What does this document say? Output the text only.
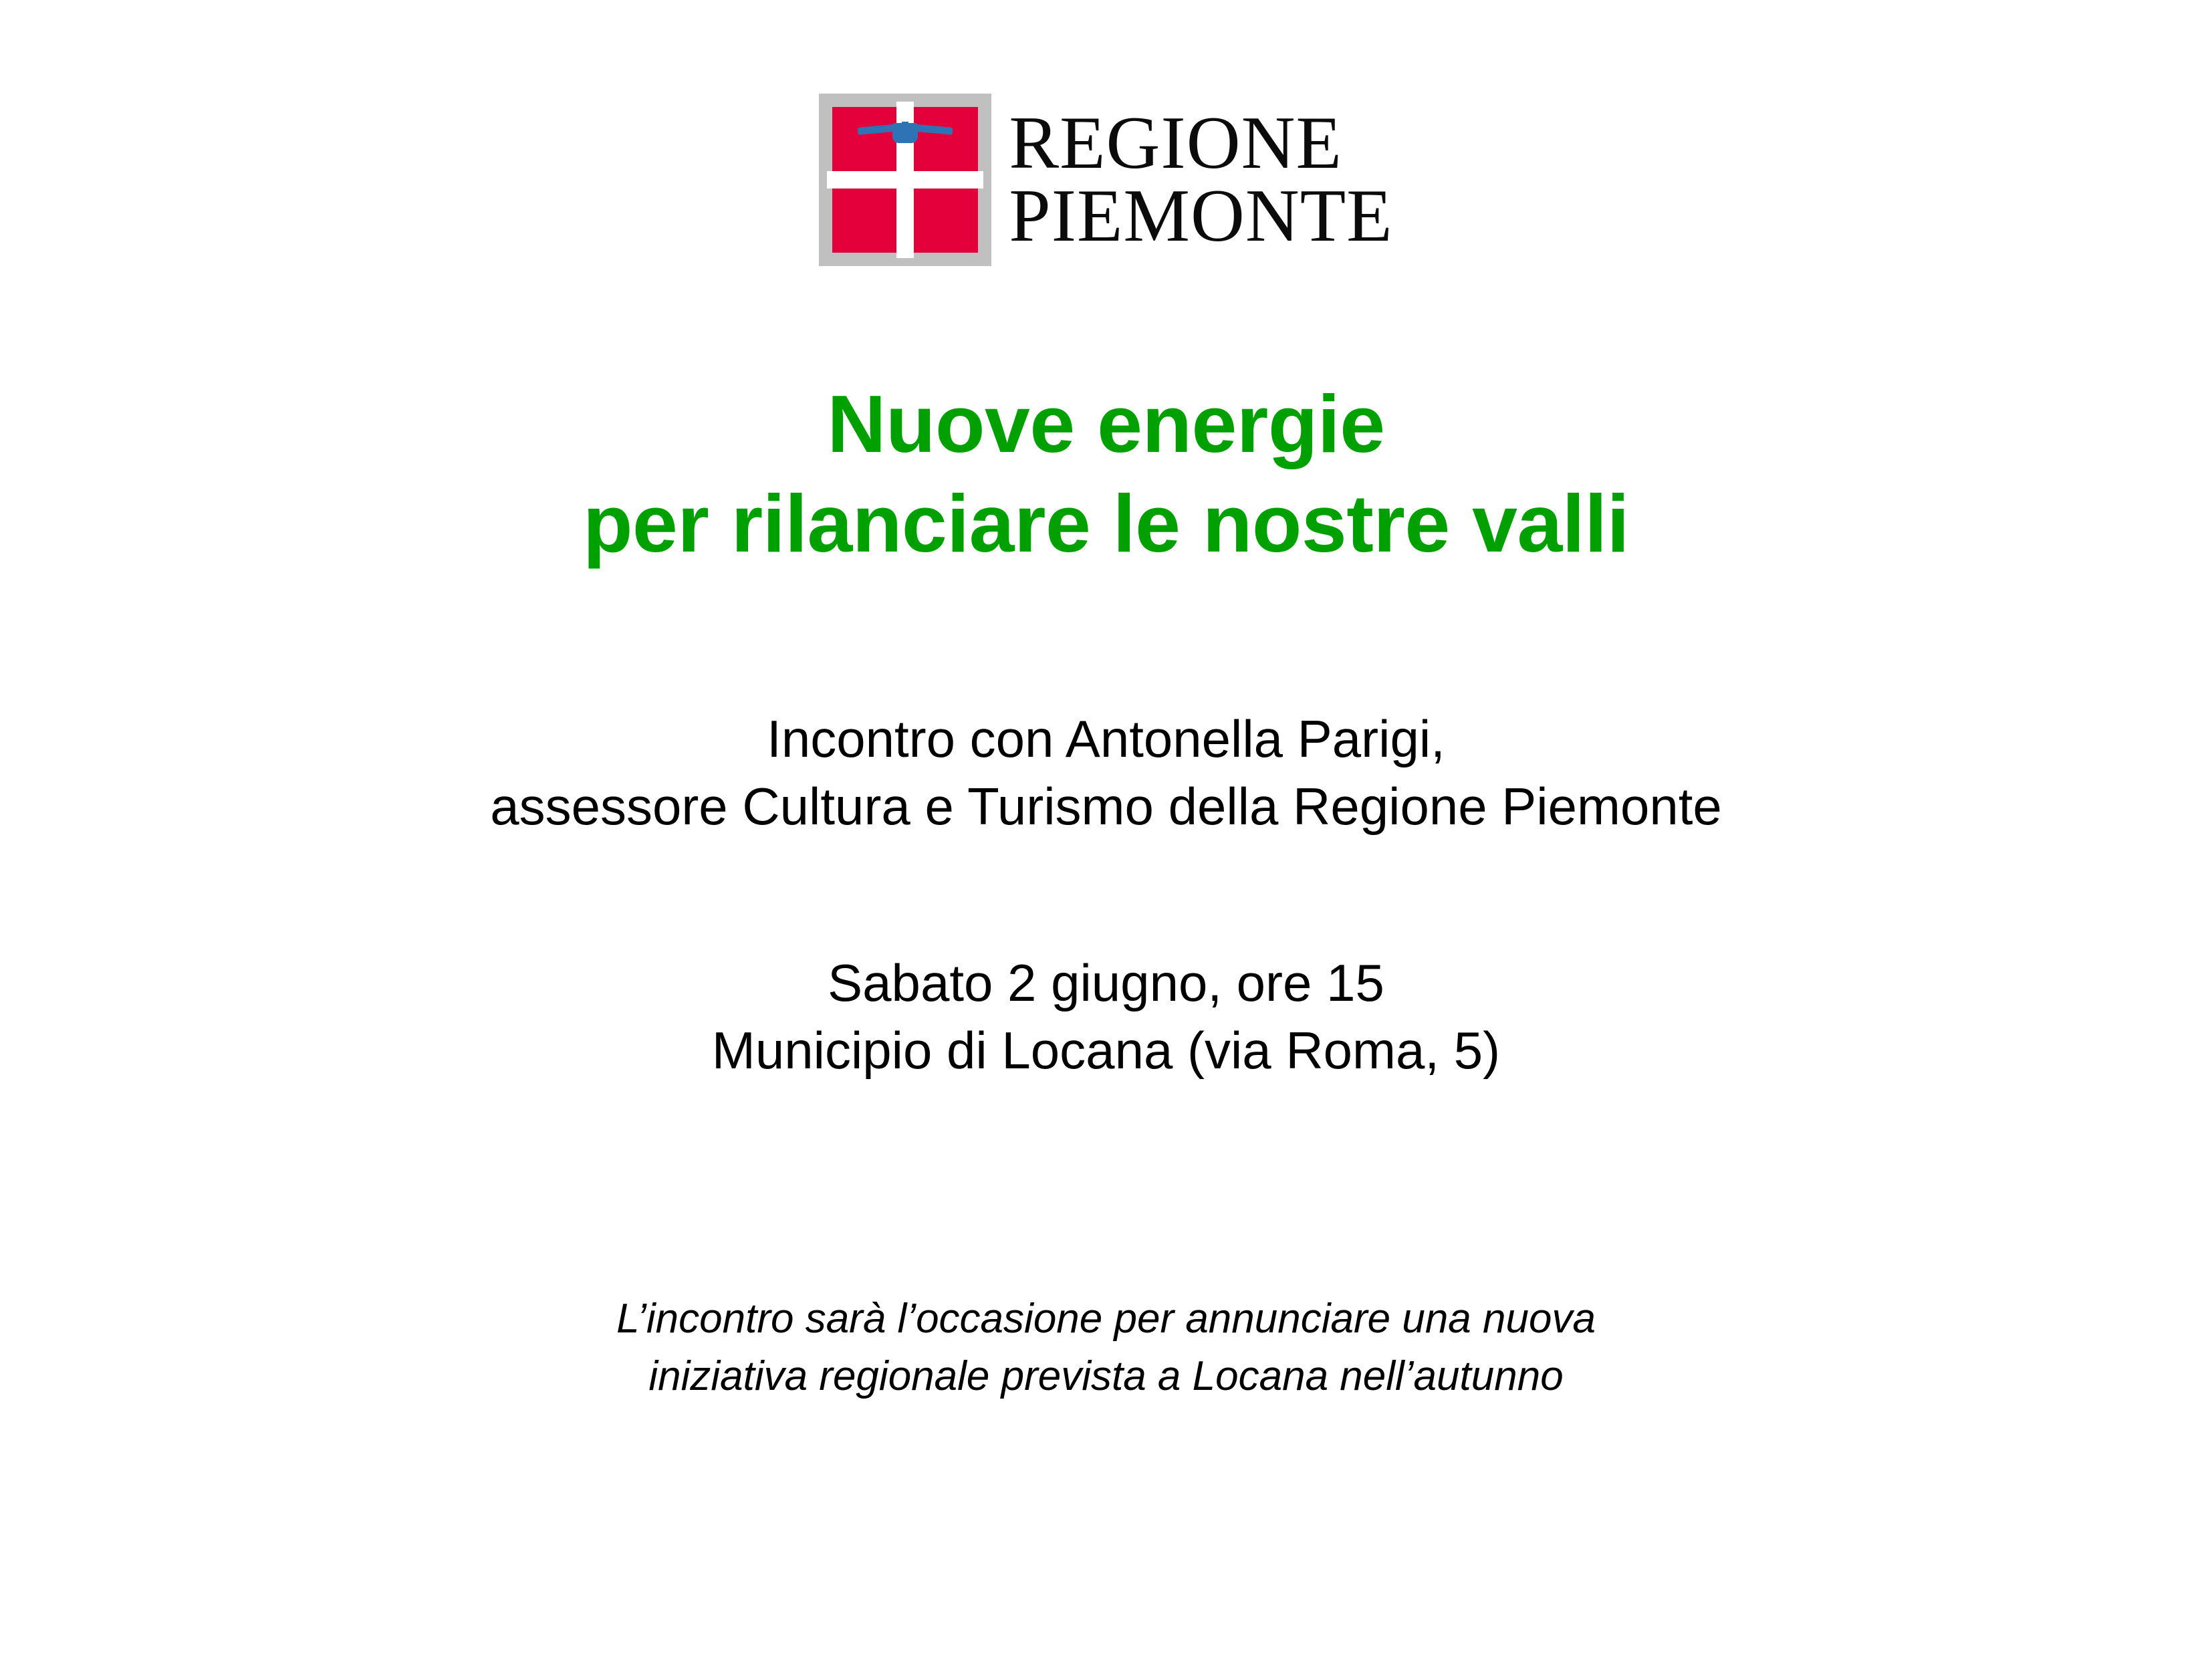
REGIONE
PIEMONTE
Nuove energie
per rilanciare le nostre valli
Incontro con Antonella Parigi,
assessore Cultura e Turismo della Regione Piemonte
Sabato 2 giugno, ore 15
Municipio di Locana (via Roma, 5)
L’incontro sarà l’occasione per annunciare una nuova
iniziativa regionale prevista a Locana nell’autunno
